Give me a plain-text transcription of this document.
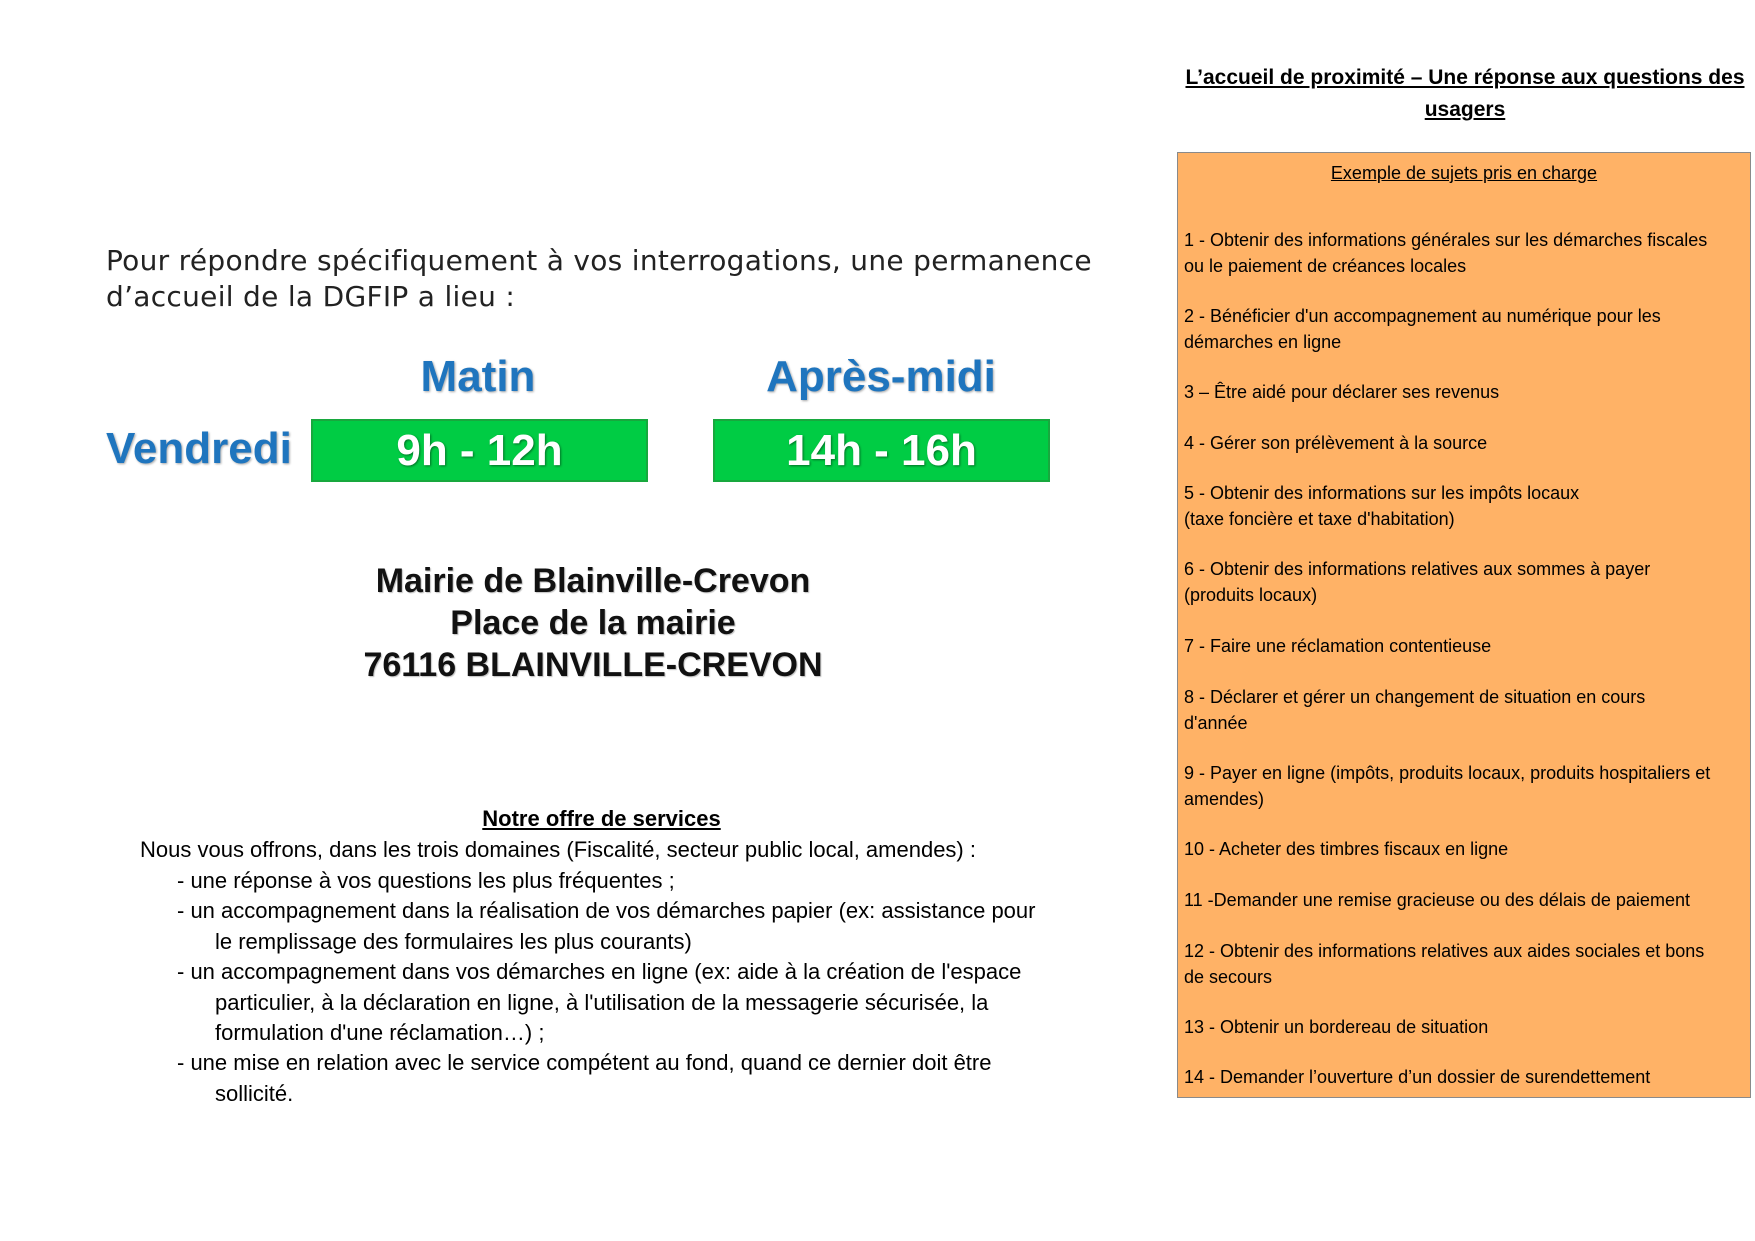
L’accueil de proximité – Une réponse aux questions des
usagers
Exemple de sujets pris en charge
1 - Obtenir des informations générales sur les démarches fiscales
ou le paiement de créances locales
2 - Bénéficier d'un accompagnement au numérique pour les
démarches en ligne
3 – Être aidé pour déclarer ses revenus
4 - Gérer son prélèvement à la source
5 - Obtenir des informations sur les impôts locaux
(taxe foncière et taxe d'habitation)
6 - Obtenir des informations relatives aux sommes à payer
(produits locaux)
7 - Faire une réclamation contentieuse
8 - Déclarer et gérer un changement de situation en cours
d'année
9 - Payer en ligne (impôts, produits locaux, produits hospitaliers et
amendes)
10 - Acheter des timbres fiscaux en ligne
11 -Demander une remise gracieuse ou des délais de paiement
12 - Obtenir des informations relatives aux aides sociales et bons
de secours
13 - Obtenir un bordereau de situation
14 - Demander l’ouverture d’un dossier de surendettement
Pour répondre spécifiquement à vos interrogations, une permanence
d’accueil de la DGFIP a lieu :
Matin	Après-midi
Vendredi	9h - 12h	14h - 16h
Mairie de Blainville-Crevon
Place de la mairie
76116 BLAINVILLE-CREVON
Notre offre de services
Nous vous offrons, dans les trois domaines (Fiscalité, secteur public local, amendes) :
- une réponse à vos questions les plus fréquentes ;
- un accompagnement dans la réalisation de vos démarches papier (ex: assistance pour
le remplissage des formulaires les plus courants)
- un accompagnement dans vos démarches en ligne (ex: aide à la création de l'espace
particulier, à la déclaration en ligne, à l'utilisation de la messagerie sécurisée, la
formulation d'une réclamation…) ;
- une mise en relation avec le service compétent au fond, quand ce dernier doit être
sollicité.
